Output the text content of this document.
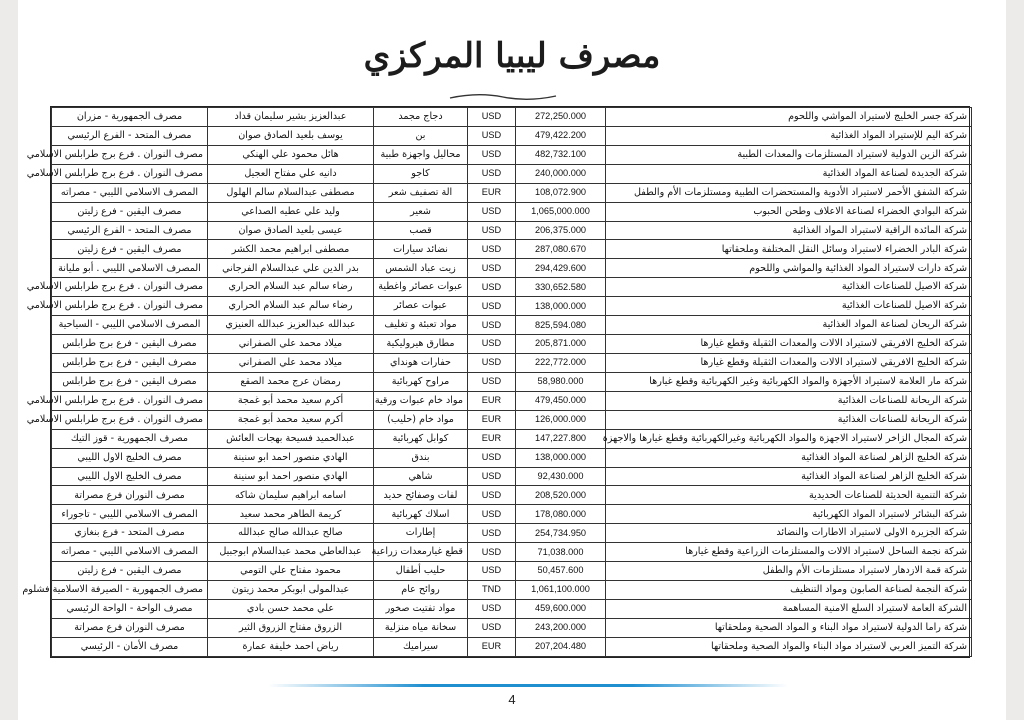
مصرف ليبيا المركزي
شركة جسر الخليج لاستيراد المواشي واللحوم	272,250.000	USD	دجاج مجمد	عبدالعزيز بشير سليمان قداد	مصرف الجمهورية - مزران
شركة اليم للإستيراد المواد الغذائية	479,422.200	USD	بن	يوسف بلعيد الصادق صوان	مصرف المتحد - الفرع الرئيسي
شركة الزين الدولية لاستيراد المستلزمات والمعدات الطبية	482,732.100	USD	محاليل واجهزة طبية	هائل محمود علي الهنكي	مصرف النوران . فرع برج طرابلس الاسلامي
شركة الجديدة لصناعة المواد الغذائية	240,000.000	USD	كاجو	دانيه علي مفتاح العجيل	مصرف النوران . فرع برج طرابلس الاسلامي
شركة الشفق الأحمر لاستيراد الأدوية والمستحضرات الطبية ومستلزمات الأم والطفل	108,072.900	EUR	الة تصفيف شعر	مصطفى عبدالسلام سالم الهلول	المصرف الاسلامي الليبي - مصراته
شركة البوادي الخضراء لصناعة الاعلاف وطحن الحبوب	1,065,000.000	USD	شعير	وليد علي عطيه الصداعي	مصرف اليقين - فرع زليتن
شركة المائدة الراقية لاستيراد المواد الغذائية	206,375.000	USD	قصب	عيسى بلعيد الصادق صوان	مصرف المتحد - الفرع الرئيسي
شركة البادر الخضراء لاستيراد وسائل النقل المختلفة وملحقاتها	287,080.670	USD	نضائد سيارات	مصطفى ابراهيم محمد الكشر	مصرف اليقين - فرع زليتن
شركة دارات لاستيراد المواد الغذائية والمواشي واللحوم	294,429.600	USD	زيت عباد الشمس	بدر الدين علي عبدالسلام الفرجاني	المصرف الاسلامي الليبي . أبو مليانة
شركة الاصيل للصناعات الغذائية	330,652.580	USD	عبوات عصائر واغطية	رضاء سالم عبد السلام الحراري	مصرف النوران . فرع برج طرابلس الاسلامي
شركة الاصيل للصناعات الغذائية	138,000.000	USD	عبوات عصائر	رضاء سالم عبد السلام الحراري	مصرف النوران . فرع برج طرابلس الاسلامي
شركة الريحان لصناعة المواد الغذائية	825,594.080	USD	مواد تعبئة و تغليف	عبدالله عبدالعزيز عبدالله العنيزي	المصرف الاسلامي الليبي - السياحية
شركة الخليج الافريقي لاستيراد الالات والمعدات الثقيلة وقطع غيارها	205,871.000	USD	مطارق هيروليكية	ميلاد محمد علي الصفراني	مصرف اليقين - فرع برج طرابلس
شركة الخليج الافريقي لاستيراد الالات والمعدات الثقيلة وقطع غيارها	222,772.000	USD	حفارات هونداي	ميلاد محمد علي الصفراني	مصرف اليقين - فرع برج طرابلس
شركة مار العلامة لاستيراد الأجهزة والمواد الكهربائية وغير الكهربائية وقطع غيارها	58,980.000	USD	مراوح كهربائية	رمضان عرج محمد الصقع	مصرف اليقين - فرع برج طرابلس
شركة الريحانة للصناعات الغذائية	479,450.000	EUR	مواد خام عبوات ورقية	أكرم سعيد محمد أبو غمجة	مصرف النوران . فرع برج طرابلس الاسلامي
شركة الريحانة للصناعات الغذائية	126,000.000	EUR	مواد خام (حليب)	أكرم سعيد محمد أبو غمجة	مصرف النوران . فرع برج طرابلس الاسلامي
شركة المجال الزاخر لاستيراد الاجهزة والمواد الكهربائية وغيرالكهربائية وقطع غيارها والاجهزة	147,227.800	EUR	كوابل كهربائية	عبدالحميد فسيحة بهجات العائش	مصرف الجمهورية - قوز التيك
شركة الخليج الزاهر لصناعة المواد الغذائية	138,000.000	USD	بندق	الهادي منصور احمد ابو سنينة	مصرف الخليج الاول الليبي
شركة الخليج الزاهر لصناعة المواد الغذائية	92,430.000	USD	شاهي	الهادي منصور احمد ابو سنينة	مصرف الخليج الاول الليبي
شركة التنمية الحديثة للصناعات الحديدية	208,520.000	USD	لفات وصفائح حديد	اسامه ابراهيم سليمان شاكه	مصرف النوران فرع مصراتة
شركة البشائر لاستيراد المواد الكهربائية	178,080.000	USD	اسلاك كهربائية	كريمة الطاهر محمد سعيد	المصرف الاسلامي الليبي - تاجوراء
شركة الجزيرة الاولى لاستيراد الاطارات والنضائد	254,734.950	USD	إطارات	صالح عبدالله صالح عبدالله	مصرف المتحد - فرع بنغازي
شركة نجمة الساحل لاستيراد الالات والمستلزمات الزراعية وقطع غيارها	71,038.000	USD	قطع غيارمعدات زراعية	عبدالعاطي محمد عبدالسلام ابوجبيل	المصرف الاسلامي الليبي - مصراته
شركة قمة الازدهار لاستيراد مستلزمات الأم والطفل	50,457.600	USD	حليب أطفال	محمود مفتاح علي التومي	مصرف اليقين - فرع زليتن
شركة النجمة لصناعة الصابون ومواد التنظيف	1,061,100.000	TND	روائح عام	عبدالمولى ابوبكر محمد زيتون	مصرف الجمهورية - الصيرفة الاسلامية فشلوم
الشركة العامة لاستيراد السلع الامنية المساهمة	459,600.000	USD	مواد تفتيت صخور	علي محمد حسن بادي	مصرف الواحة - الواحة الرئيسي
شركة راما الدولية لاستيراد مواد البناء و المواد الصحية وملحقاتها	243,200.000	USD	سخانة مياه منزلية	الزروق مفتاح الزروق الثير	مصرف النوران فرع مصراتة
شركة التميز العربي لاستيراد مواد البناء والمواد الصحية وملحقاتها	207,204.480	EUR	سيراميك	رياض احمد خليفة عمارة	مصرف الأمان - الرئيسي
4
